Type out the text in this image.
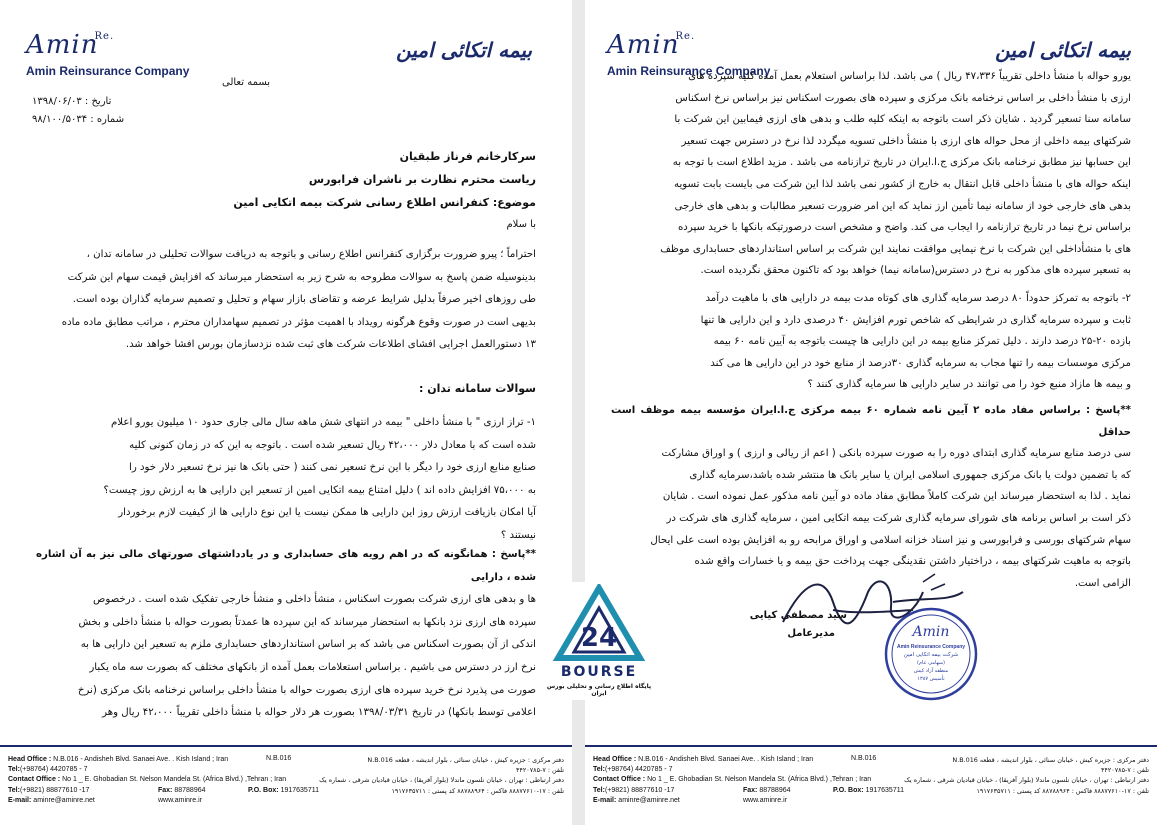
Amin$^{Re.}$
Amin Reinsurance Company
بیمه اتکائی امین
بسمه تعالی
تاریخ : ۱۳۹۸/۰۶/۰۳
شماره : ۹۸/۱۰۰/۵۰۳۴
سرکارخانم فرناز طبقیان
ریاست محترم نظارت بر ناشران فرابورس
موضوع: کنفرانس اطلاع رسانی شرکت بیمه اتکایی امین
با سلام
احتراماً ؛ پیرو ضرورت برگزاری کنفرانس اطلاع رسانی و باتوجه به دریافت سوالات تحلیلی در سامانه تدان ،
بدینوسیله ضمن پاسخ به سوالات مطروحه به شرح زیر به استحضار میرساند که افزایش قیمت سهام این شرکت
طی روزهای اخیر صرفاً بدلیل شرایط عرضه و تقاضای بازار سهام و تحلیل و تصمیم سرمایه گذاران بوده است.
بدیهی است در صورت وقوع هرگونه رویداد با اهمیت مؤثر در تصمیم سهامداران محترم ، مراتب مطابق ماده ماده
۱۳ دستورالعمل اجرایی افشای اطلاعات شرکت های ثبت شده نزدسازمان بورس افشا خواهد شد.
سوالات سامانه تدان :
۱- تراز ارزی " با منشأ داخلی " بیمه در انتهای شش ماهه سال مالی جاری حدود ۱۰ میلیون یورو اعلام
شده است که با معادل دلار ۴۲،۰۰۰ ریال تسعیر شده است . باتوجه به این که در زمان کنونی کلیه
صنایع منابع ارزی خود را دیگر با این نرخ تسعیر نمی کنند ( حتی بانک ها نیز نرخ تسعیر دلار خود را
به ۷۵،۰۰۰ افزایش داده اند ) دلیل امتناع بیمه اتکایی امین از تسعیر این دارایی ها به ارزش روز چیست؟
آیا امکان بازیافت ارزش روز این دارایی ها ممکن نیست یا این نوع دارایی ها از کیفیت لازم برخوردار
نیستند ؟
**پاسخ : همانگونه که در اهم رویه های حسابداری و در یادداشتهای صورتهای مالی نیز به آن اشاره شده ، دارایی
ها و بدهی های ارزی شرکت بصورت اسکناس ، منشأ داخلی و منشأ خارجی تفکیک شده است . درخصوص
سپرده های ارزی نزد بانکها به استحضار میرساند که این سپرده ها عمدتاً بصورت حواله با منشأ داخلی و بخش
اندکی از آن بصورت اسکناس می باشد که بر اساس استانداردهای حسابداری ملزم به تسعیر این دارایی ها به
نرخ ارز در دسترس می باشیم . براساس استعلامات بعمل آمده از بانکهای مختلف که بصورت سه ماه یکبار
صورت می پذیرد نرخ خرید سپرده های ارزی بصورت حواله با منشأ داخلی براساس نرخنامه بانک مرکزی (نرخ
اعلامی توسط بانکها) در تاریخ ۱۳۹۸/۰۳/۳۱ بصورت هر دلار حواله با منشأ داخلی تقریباً ۴۲،۰۰۰ ریال وهر
Head Office : N.B.016 - Andisheh Blvd. Sanaei Ave. . Kish Island ; Iran
Tel:(+98764) 4420785 - 7
Contact Office : No 1 _ E. Ghobadian St. Nelson Mandela St. (Africa Blvd.) ,Tehran ; Iran
Tel:(+9821) 88877610 -17	Fax: 88788964	P.O. Box: 1917635711
E-mail: aminre@aminre.net	www.aminre.ir
N.B.016	دفتر مرکزی : جزیره کیش ، خیابان سنائی ، بلوار اندیشه ، قطعه N.B.016
تلفن : ۷-۴۴۲۰۷۸۵
دفتر ارتباطی : تهران ، خیابان نلسون ماندلا (بلوار آفریقا) ، خیابان قبادیان شرقی ، شماره یک
تلفن : ۱۷-۸۸۸۷۷۶۱۰ فاکس : ۸۸۷۸۸۹۶۴ کد پستی : ۱۹۱۷۶۳۵۷۱۱
Amin$^{Re.}$
Amin Reinsurance Company
بیمه اتکائی امین
یورو حواله با منشأ داخلی تقریباً ۴۷،۳۳۶ ریال ) می باشد. لذا براساس استعلام بعمل آمده کلیه سپرده های
ارزی با منشأ داخلی بر اساس نرخنامه بانک مرکزی و سپرده های بصورت اسکناس نیز براساس نرخ اسکناس
سامانه سنا تسعیر گردید . شایان ذکر است باتوجه به اینکه کلیه طلب و بدهی های ارزی فیمابین این شرکت با
شرکتهای بیمه داخلی از محل حواله های ارزی با منشأ داخلی تسویه میگردد لذا نرخ در دسترس جهت تسعیر
این حسابها نیز مطابق نرخنامه بانک مرکزی ج.ا.ایران در تاریخ ترازنامه می باشد . مزید اطلاع است با توجه به
اینکه حواله های با منشأ داخلی قابل انتقال به خارج از کشور نمی باشد لذا این شرکت می بایست بابت تسویه
بدهی های خارجی خود از سامانه نیما تأمین ارز نماید که این امر ضرورت تسعیر مطالبات و بدهی های خارجی
براساس نرخ نیما در تاریخ ترازنامه را ایجاب می کند. واضح و مشخص است درصورتیکه بانکها با خرید سپرده
های با منشأداخلی این شرکت با نرخ نیمایی موافقت نمایند این شرکت بر اساس استانداردهای حسابداری موظف
به تسعیر سپرده های مذکور به نرخ در دسترس(سامانه نیما) خواهد بود که تاکنون محقق نگردیده است.
۲- باتوجه به تمرکز حدوداً ۸۰ درصد سرمایه گذاری های کوتاه مدت بیمه در دارایی های با ماهیت درآمد
ثابت و سپرده سرمایه گذاری در شرایطی که شاخص تورم افزایش ۴۰ درصدی دارد و این دارایی ها تنها
بازده ۲۰-۲۵ درصد دارند . دلیل تمرکز منابع بیمه در این دارایی ها چیست باتوجه به آیین نامه ۶۰ بیمه
مرکزی موسسات بیمه را تنها مجاب به سرمایه گذاری ۳۰درصد از منابع خود در این دارایی ها می کند
و بیمه ها مازاد منبع خود را می توانند در سایر دارایی ها سرمایه گذاری کنند ؟
**پاسخ : براساس مفاد ماده ۲ آیین نامه شماره ۶۰ بیمه مرکزی ج.ا.ایران مؤسسه بیمه موظف است حداقل
سی درصد منابع سرمایه گذاری ابتدای دوره را به صورت سپرده بانکی ( اعم از ریالی و ارزی ) و اوراق مشارکت
که با تضمین دولت یا بانک مرکزی جمهوری اسلامی ایران یا سایر بانک ها منتشر شده باشد،سرمایه گذاری
نماید . لذا به استحضار میرساند این شرکت کاملاً مطابق مفاد ماده دو آیین نامه مذکور عمل نموده است . شایان
ذکر است بر اساس برنامه های شورای سرمایه گذاری شرکت بیمه اتکایی امین ، سرمایه گذاری های شرکت در
سهام شرکتهای بورسی و فرابورسی و نیز اسناد خزانه اسلامی و اوراق مرابحه رو به افزایش بوده است علی ایحال
باتوجه به ماهیت شرکتهای بیمه ، دراختیار داشتن نقدینگی جهت پرداخت حق بیمه و یا خسارات واقع شده
الزامی است.
سید مصطفی کیایی
مدیرعامل	Amin
Amin Reinsurance Company
شرکت بیمه اتکایی امین
(سهامی عام)
منطقه آزاد کیش
تأسیس ۱۳۸۷
Head Office : N.B.016 - Andisheh Blvd. Sanaei Ave. . Kish Island ; Iran
Tel:(+98764) 4420785 - 7
Contact Office : No 1 _ E. Ghobadian St. Nelson Mandela St. (Africa Blvd.) ,Tehran ; Iran
Tel:(+9821) 88877610 -17	Fax: 88788964	P.O. Box: 1917635711
E-mail: aminre@aminre.net	www.aminre.ir
N.B.016	دفتر مرکزی : جزیره کیش ، خیابان سنائی ، بلوار اندیشه ، قطعه N.B.016
تلفن : ۷-۴۴۲۰۷۸۵
دفتر ارتباطی : تهران ، خیابان نلسون ماندلا (بلوار آفریقا) ، خیابان قبادیان شرقی ، شماره یک
تلفن : ۱۷-۸۸۸۷۷۶۱۰ فاکس : ۸۸۷۸۸۹۶۴ کد پستی : ۱۹۱۷۶۳۵۷۱۱
24
BOURSE
پایگاه اطلاع رسانی و تحلیلی بورس ایران
